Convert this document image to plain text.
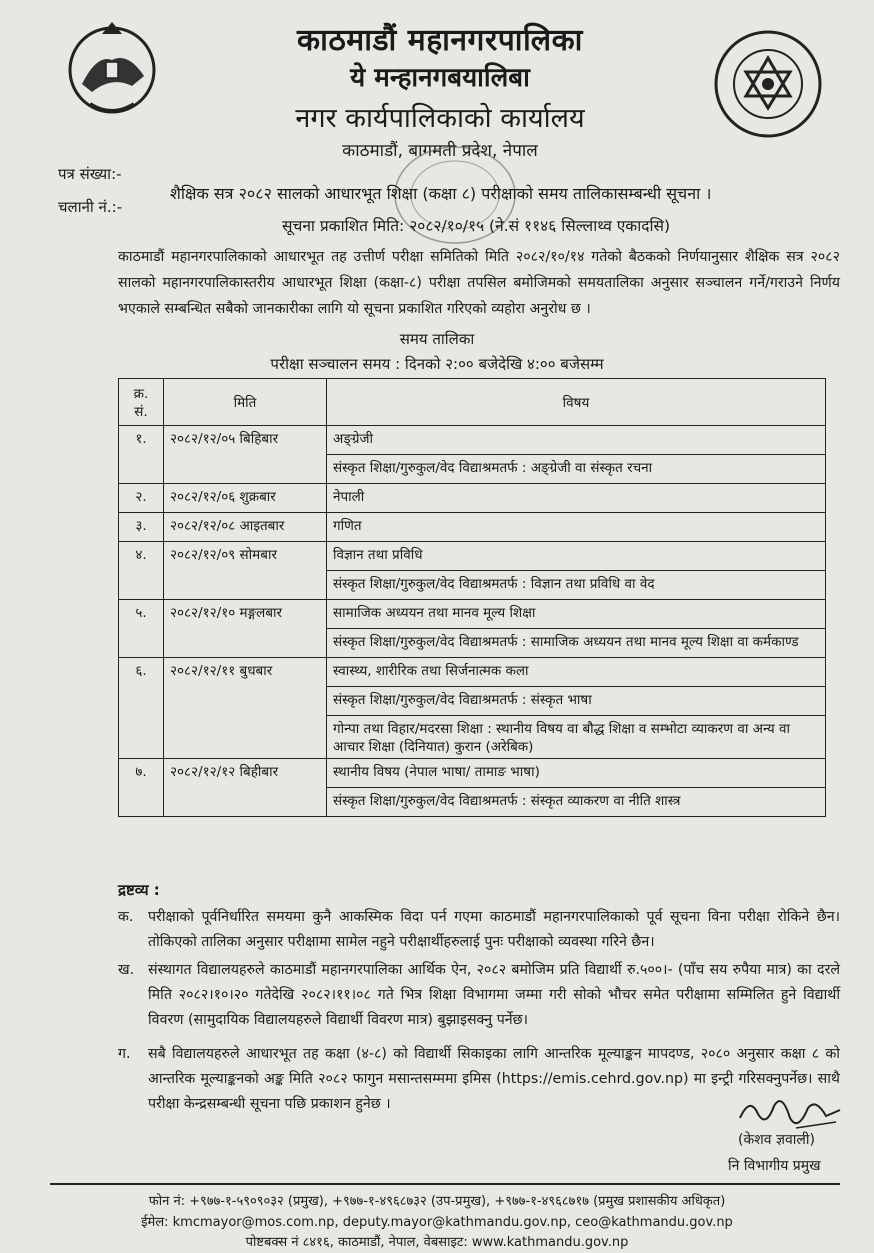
काठमाडौं महानगरपालिका
ये मन्हानगबयालिबा
नगर कार्यपालिकाको कार्यालय
काठमाडौं, बागमती प्रदेश, नेपाल
पत्र संख्या:-
चलानी नं.:-
शैक्षिक सत्र २०८२ सालको आधारभूत शिक्षा (कक्षा ८) परीक्षाको समय तालिकासम्बन्धी सूचना ।
सूचना प्रकाशित मिति: २०८२/१०/१५ (ने.सं ११४६ सिल्लाथ्व एकादसि)
काठमाडौं महानगरपालिकाको आधारभूत तह उत्तीर्ण परीक्षा समितिको मिति २०८२/१०/१४ गतेको बैठकको निर्णयानुसार शैक्षिक सत्र २०८२ सालको महानगरपालिकास्तरीय आधारभूत शिक्षा (कक्षा-८) परीक्षा तपसिल बमोजिमको समयतालिका अनुसार सञ्चालन गर्ने/गराउने निर्णय भएकाले सम्बन्धित सबैको जानकारीका लागि यो सूचना प्रकाशित गरिएको व्यहोरा अनुरोध छ ।
समय तालिका
परीक्षा सञ्चालन समय : दिनको २:०० बजेदेखि ४:०० बजेसम्म
क्र. सं.	मिति	विषय
१.	२०८२/१२/०५ बिहिबार	अङ्ग्रेजी
		संस्कृत शिक्षा/गुरुकुल/वेद विद्याश्रमतर्फ : अङ्ग्रेजी वा संस्कृत रचना
२.	२०८२/१२/०६ शुक्रबार	नेपाली
३.	२०८२/१२/०८ आइतबार	गणित
४.	२०८२/१२/०९ सोमबार	विज्ञान तथा प्रविधि
		संस्कृत शिक्षा/गुरुकुल/वेद विद्याश्रमतर्फ : विज्ञान तथा प्रविधि वा वेद
५.	२०८२/१२/१० मङ्गलबार	सामाजिक अध्ययन तथा मानव मूल्य शिक्षा
		संस्कृत शिक्षा/गुरुकुल/वेद विद्याश्रमतर्फ : सामाजिक अध्ययन तथा मानव मूल्य शिक्षा वा कर्मकाण्ड
६.	२०८२/१२/११ बुधबार	स्वास्थ्य, शारीरिक तथा सिर्जनात्मक कला
		संस्कृत शिक्षा/गुरुकुल/वेद विद्याश्रमतर्फ : संस्कृत भाषा
		गोन्पा तथा विहार/मदरसा शिक्षा : स्थानीय विषय वा बौद्ध शिक्षा व सम्भोटा व्याकरण वा अन्य वा आचार शिक्षा (दिनियात) कुरान (अरेबिक)
७.	२०८२/१२/१२ बिहीबार	स्थानीय विषय (नेपाल भाषा/ तामाङ भाषा)
		संस्कृत शिक्षा/गुरुकुल/वेद विद्याश्रमतर्फ : संस्कृत व्याकरण वा नीति शास्त्र
द्रष्टव्य :
क. परीक्षाको पूर्वनिर्धारित समयमा कुनै आकस्मिक विदा पर्न गएमा काठमाडौं महानगरपालिकाको पूर्व सूचना विना परीक्षा रोकिने छैन। तोकिएको तालिका अनुसार परीक्षामा सामेल नहुने परीक्षार्थीहरुलाई पुनः परीक्षाको व्यवस्था गरिने छैन।
ख. संस्थागत विद्यालयहरुले काठमाडौं महानगरपालिका आर्थिक ऐन, २०८२ बमोजिम प्रति विद्यार्थी रु.५००।- (पाँच सय रुपैया मात्र) का दरले मिति २०८२।१०।२० गतेदेखि २०८२।११।०८ गते भित्र शिक्षा विभागमा जम्मा गरी सोको भौचर समेत परीक्षामा सम्मिलित हुने विद्यार्थी विवरण (सामुदायिक विद्यालयहरुले विद्यार्थी विवरण मात्र) बुझाइसक्नु पर्नेछ।
ग. सबै विद्यालयहरुले आधारभूत तह कक्षा (४-८) को विद्यार्थी सिकाइका लागि आन्तरिक मूल्याङ्कन मापदण्ड, २०८० अनुसार कक्षा ८ को आन्तरिक मूल्याङ्कनको अङ्क मिति २०८२ फागुन मसान्तसम्ममा इमिस (https://emis.cehrd.gov.np) मा इन्ट्री गरिसक्नुपर्नेछ। साथै परीक्षा केन्द्रसम्बन्धी सूचना पछि प्रकाशन हुनेछ ।
(केशव ज्ञवाली)
नि विभागीय प्रमुख
फोन नं: +९७७-१-५९०९०३२ (प्रमुख), +९७७-१-४९६८७३२ (उप-प्रमुख), +९७७-१-४९६८७१७ (प्रमुख प्रशासकीय अधिकृत)
ईमेल: kmcmayor@mos.com.np, deputy.mayor@kathmandu.gov.np, ceo@kathmandu.gov.np
पोष्टबक्स नं ८४१६, काठमाडौं, नेपाल, वेबसाइट: www.kathmandu.gov.np
